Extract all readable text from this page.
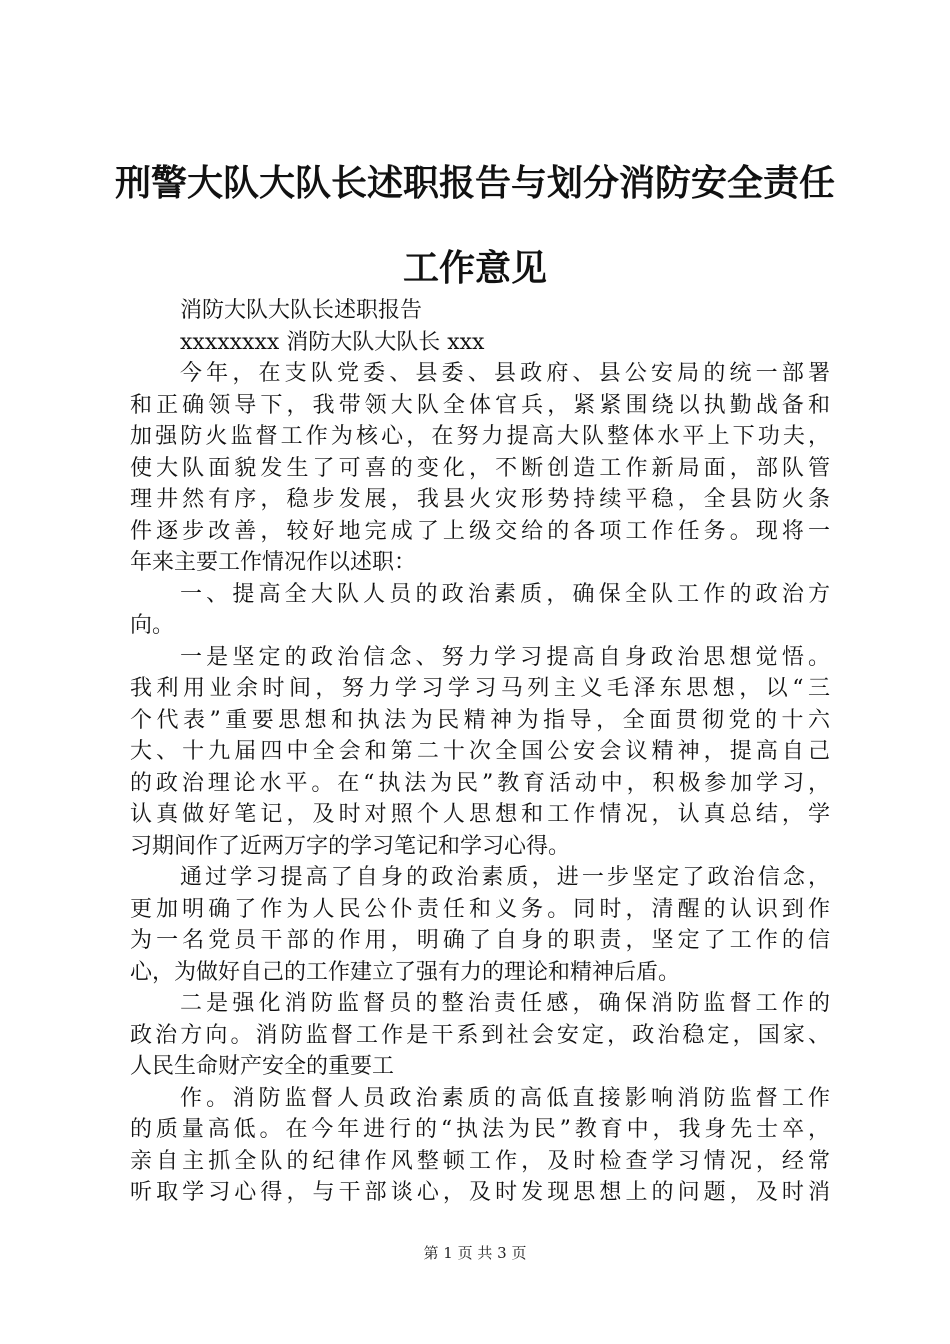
刑警大队大队长述职报告与划分消防安全责任
工作意见
消防大队大队长述职报告
xxxxxxxx 消防大队大队长 xxx
今年，在支队党委、县委、县政府、县公安局的统一部署
和正确领导下，我带领大队全体官兵，紧紧围绕以执勤战备和
加强防火监督工作为核心，在努力提高大队整体水平上下功夫，
使大队面貌发生了可喜的变化，不断创造工作新局面，部队管
理井然有序，稳步发展，我县火灾形势持续平稳，全县防火条
件逐步改善，较好地完成了上级交给的各项工作任务。现将一
年来主要工作情况作以述职：
一、提高全大队人员的政治素质，确保全队工作的政治方
向。
一是坚定的政治信念、努力学习提高自身政治思想觉悟。
我利用业余时间，努力学习学习马列主义毛泽东思想，以“三
个代表”重要思想和执法为民精神为指导，全面贯彻党的十六
大、十九届四中全会和第二十次全国公安会议精神，提高自己
的政治理论水平。在“执法为民”教育活动中，积极参加学习，
认真做好笔记，及时对照个人思想和工作情况，认真总结，学
习期间作了近两万字的学习笔记和学习心得。
通过学习提高了自身的政治素质，进一步坚定了政治信念，
更加明确了作为人民公仆责任和义务。同时，清醒的认识到作
为一名党员干部的作用，明确了自身的职责，坚定了工作的信
心，为做好自己的工作建立了强有力的理论和精神后盾。
二是强化消防监督员的整治责任感，确保消防监督工作的
政治方向。消防监督工作是干系到社会安定，政治稳定，国家、
人民生命财产安全的重要工
作。消防监督人员政治素质的高低直接影响消防监督工作
的质量高低。在今年进行的“执法为民”教育中，我身先士卒，
亲自主抓全队的纪律作风整顿工作，及时检查学习情况，经常
听取学习心得，与干部谈心，及时发现思想上的问题，及时消
第 1 页 共 3 页
